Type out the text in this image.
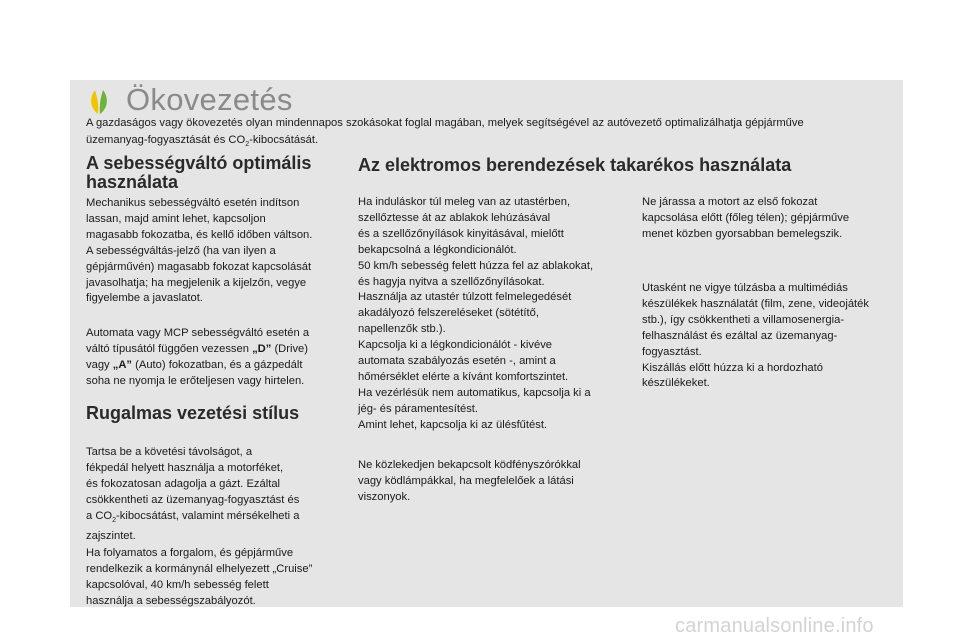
Ökovezetés
A gazdaságos vagy ökovezetés olyan mindennapos szokásokat foglal magában, melyek segítségével az autóvezető optimalizálhatja gépjárműve
üzemanyag-fogyasztását és $CO_2$-kibocsátását.
A sebességváltó optimális
használata
Mechanikus sebességváltó esetén indítson
lassan, majd amint lehet, kapcsoljon
magasabb fokozatba, és kellő időben váltson.
A sebességváltás-jelző (ha van ilyen a
gépjárművén) magasabb fokozat kapcsolását
javasolhatja; ha megjelenik a kijelzőn, vegye
figyelembe a javaslatot.
Automata vagy MCP sebességváltó esetén a
váltó típusától függően vezessen „D” (Drive)
vagy „A” (Auto) fokozatban, és a gázpedált
soha ne nyomja le erőteljesen vagy hirtelen.
Rugalmas vezetési stílus
Tartsa be a követési távolságot, a
fékpedál helyett használja a motorféket,
és fokozatosan adagolja a gázt. Ezáltal
csökkentheti az üzemanyag-fogyasztást és
a $CO_2$-kibocsátást, valamint mérsékelheti a
zajszintet.
Ha folyamatos a forgalom, és gépjárműve
rendelkezik a kormánynál elhelyezett „Cruise”
kapcsolóval, 40 km/h sebesség felett
használja a sebességszabályozót.
Az elektromos berendezések takarékos használata
Ha induláskor túl meleg van az utastérben,
szellőztesse át az ablakok lehúzásával
és a szellőzőnyílások kinyitásával, mielőtt
bekapcsolná a légkondicionálót.
50 km/h sebesség felett húzza fel az ablakokat,
és hagyja nyitva a szellőzőnyílásokat.
Használja az utastér túlzott felmelegedését
akadályozó felszereléseket (sötétítő,
napellenzők stb.).
Kapcsolja ki a légkondicionálót - kivéve
automata szabályozás esetén -, amint a
hőmérséklet elérte a kívánt komfortszintet.
Ha vezérlésük nem automatikus, kapcsolja ki a
jég- és páramentesítést.
Amint lehet, kapcsolja ki az ülésfűtést.
Ne közlekedjen bekapcsolt ködfényszórókkal
vagy ködlámpákkal, ha megfelelőek a látási
viszonyok.
Ne járassa a motort az első fokozat
kapcsolása előtt (főleg télen); gépjárműve
menet közben gyorsabban bemelegszik.
Utasként ne vigye túlzásba a multimédiás
készülékek használatát (film, zene, videojáték
stb.), így csökkentheti a villamosenergia-
felhasználást és ezáltal az üzemanyag-
fogyasztást.
Kiszállás előtt húzza ki a hordozható
készülékeket.
carmanualsonline.info
